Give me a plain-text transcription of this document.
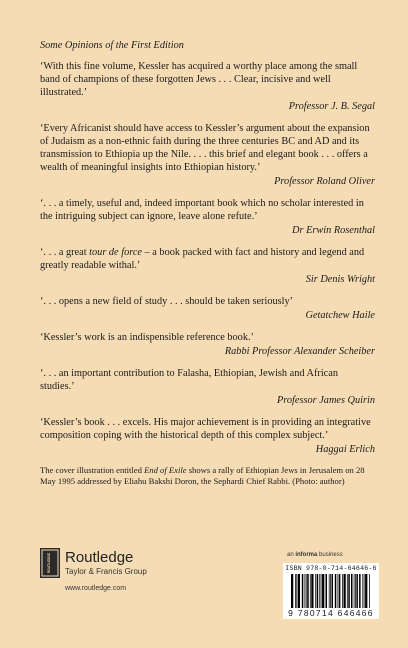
Some Opinions of the First Edition
‘With this fine volume, Kessler has acquired a worthy place among the small band of champions of these forgotten Jews . . . Clear, incisive and well illustrated.’
Professor J. B. Segal
‘Every Africanist should have access to Kessler’s argument about the expansion of Judaism as a non-ethnic faith during the three centuries BC and AD and its transmission to Ethiopia up the Nile. . . . this brief and elegant book . . . offers a wealth of meaningful insights into Ethiopian history.’
Professor Roland Oliver
‘. . . a timely, useful and, indeed important book which no scholar interested in the intriguing subject can ignore, leave alone refute.’
Dr Erwin Rosenthal
‘. . . a great tour de force – a book packed with fact and history and legend and greatly readable withal.’
Sir Denis Wright
‘. . . opens a new field of study . . . should be taken seriously’
Getatchew Haile
‘Kessler’s work is an indispensible reference book.’
Rabbi Professor Alexander Scheiber
‘. . . an important contribution to Falasha, Ethiopian, Jewish and African studies.’
Professor James Quirin
‘Kessler’s book . . . excels. His major achievement is in providing an integrative composition coping with the historical depth of this complex subject.’
Haggai Erlich
The cover illustration entitled End of Exile shows a rally of Ethiopian Jews in Jerusalem on 28 May 1995 addressed by Eliahu Bakshi Doron, the Sephardi Chief Rabbi. (Photo: author)
ROUTLEDGE Routledge
Taylor & Francis Group
www.routledge.com
an informa business
ISBN 978-0-714-64646-6
9 780714 646466
